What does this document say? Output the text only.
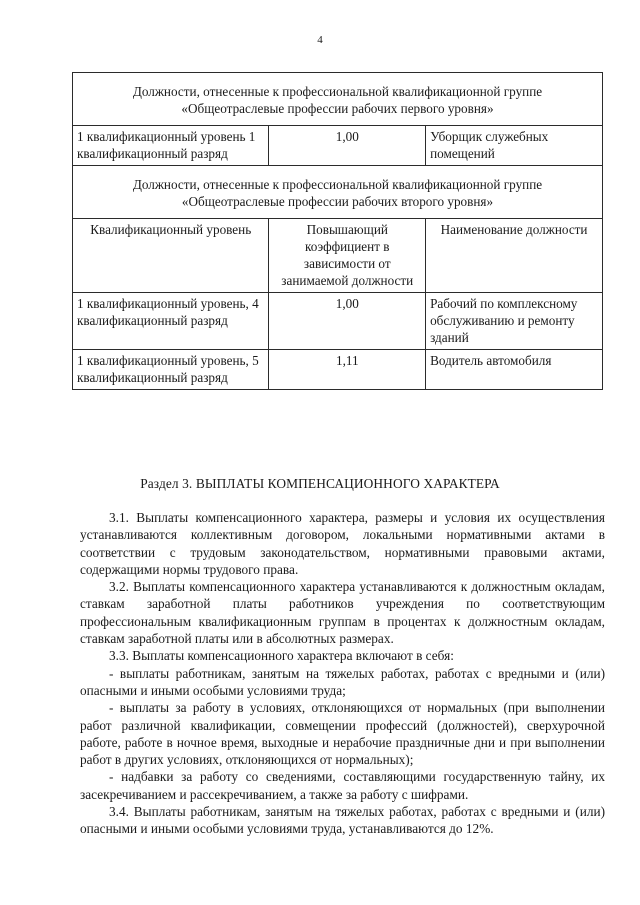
4
Должности, отнесенные к профессиональной квалификационной группе «Общеотраслевые профессии рабочих первого уровня»		
1 квалификационный уровень 1 квалификационный разряд	1,00	Уборщик служебных помещений
Должности, отнесенные к профессиональной квалификационной группе «Общеотраслевые профессии рабочих второго уровня»		
Квалификационный уровень	Повышающий коэффициент в зависимости от занимаемой должности	Наименование должности
1 квалификационный уровень, 4 квалификационный разряд	1,00	Рабочий по комплексному обслуживанию и ремонту зданий
1 квалификационный уровень, 5 квалификационный разряд	1,11	Водитель автомобиля
Раздел 3. ВЫПЛАТЫ КОМПЕНСАЦИОННОГО ХАРАКТЕРА

3.1. Выплаты компенсационного характера, размеры и условия их осуществления устанавливаются коллективным договором, локальными нормативными актами в соответствии с трудовым законодательством, нормативными правовыми актами, содержащими нормы трудового права.

3.2. Выплаты компенсационного характера устанавливаются к должностным окладам, ставкам заработной платы работников учреждения по соответствующим профессиональным квалификационным группам в процентах к должностным окладам, ставкам заработной платы или в абсолютных размерах.

3.3. Выплаты компенсационного характера включают в себя:

- выплаты работникам, занятым на тяжелых работах, работах с вредными и (или) опасными и иными особыми условиями труда;

- выплаты за работу в условиях, отклоняющихся от нормальных (при выполнении работ различной квалификации, совмещении профессий (должностей), сверхурочной работе, работе в ночное время, выходные и нерабочие праздничные дни и при выполнении работ в других условиях, отклоняющихся от нормальных);

- надбавки за работу со сведениями, составляющими государственную тайну, их засекречиванием и рассекречиванием, а также за работу с шифрами.

3.4. Выплаты работникам, занятым на тяжелых работах, работах с вредными и (или) опасными и иными особыми условиями труда, устанавливаются до 12%.
